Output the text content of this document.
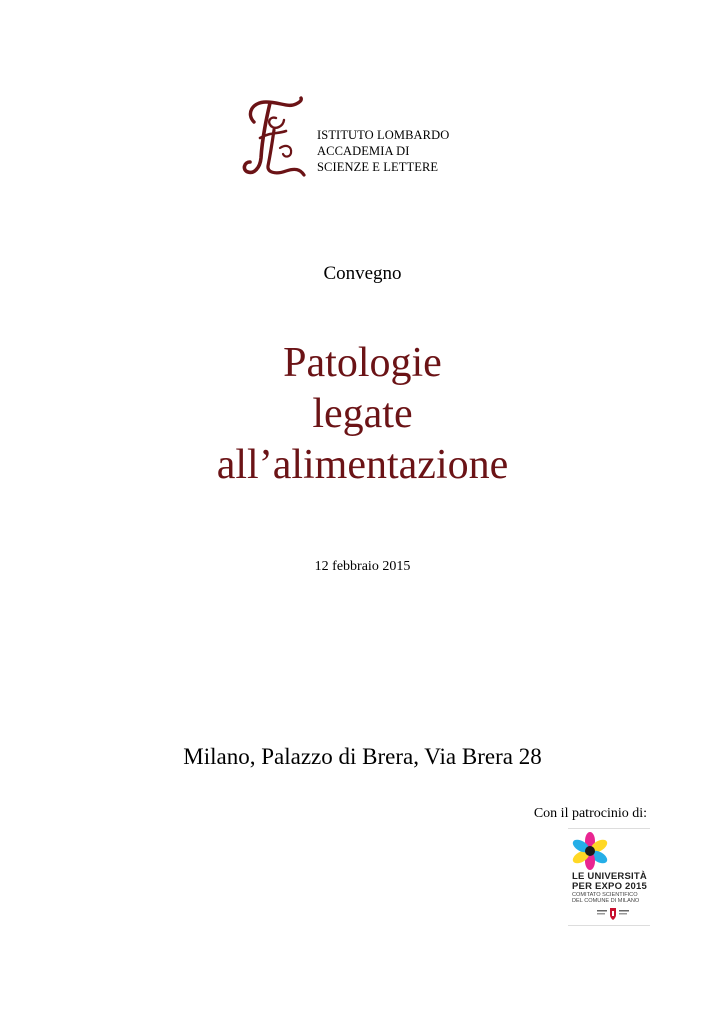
ISTITUTO LOMBARDO
ACCADEMIA DI
SCIENZE E LETTERE
Convegno
Patologie
legate
all’alimentazione
12 febbraio 2015
Milano, Palazzo di Brera, Via Brera 28
Con il patrocinio di:
LE UNIVERSITÀ
PER EXPO 2015
COMITATO SCIENTIFICO
DEL COMUNE DI MILANO
